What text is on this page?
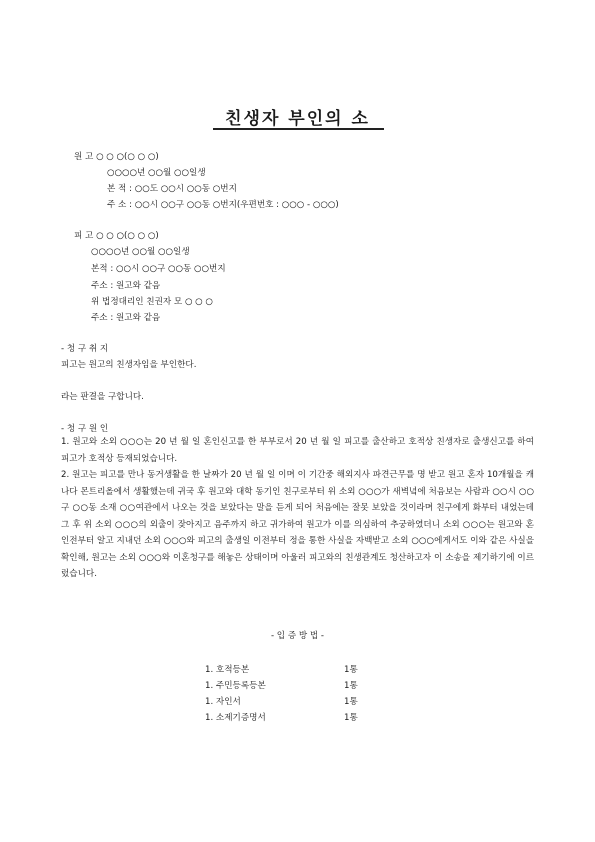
친생자 부인의 소
원 고 ○ ○ ○(○ ○ ○)
○○○○년 ○○월 ○○일생
본 적 : ○○도 ○○시 ○○동 ○번지
주 소 : ○○시 ○○구 ○○동 ○번지(우편번호 : ○○○ - ○○○)
피 고 ○ ○ ○(○ ○ ○)
○○○○년 ○○월 ○○일생
본적 : ○○시 ○○구 ○○동 ○○번지
주소 : 원고와 같음
위 법정대리인 친권자 모 ○ ○ ○
주소 : 원고와 같음
- 청 구 취 지
피고는 원고의 친생자임을 부인한다.
라는 판결을 구합니다.
- 청 구 원 인
1. 원고와 소외 ○○○는 20 년 월 일 혼인신고를 한 부부로서 20 년 월 일 피고를 출산하고 호적상 친생자로 출생신고를 하여 피고가 호적상 등재되었습니다.
2. 원고는 피고를 만나 동거생활을 한 날짜가 20 년 월 일 이며 이 기간중 해외지사 파견근무를 명 받고 원고 혼자 10개월을 캐나다 몬트리올에서 생활했는데 귀국 후 원고와 대학 동기인 친구로부터 위 소외 ○○○가 새벽녘에 처음보는 사람과 ○○시 ○○구 ○○동 소재 ○○여관에서 나오는 것을 보았다는 말을 듣게 되어 처음에는 잘못 보았을 것이라며 친구에게 화부터 내었는데 그 후 위 소외 ○○○의 외출이 잦아지고 음주까지 하고 귀가하여 원고가 이를 의심하여 추궁하였더니 소외 ○○○는 원고와 혼인전부터 알고 지내던 소외 ○○○와 피고의 출생일 이전부터 정을 통한 사실을 자백받고 소외 ○○○에게서도 이와 같은 사실을 확인해, 원고는 소외 ○○○와 이혼청구를 해놓은 상태이며 아울러 피고와의 친생관계도 청산하고자 이 소송을 제기하기에 이르렀습니다.
- 입 증 방 법 -
1. 호적등본	1통
1. 주민등록등본	1통
1. 자인서	1통
1. 소제기증명서	1통
